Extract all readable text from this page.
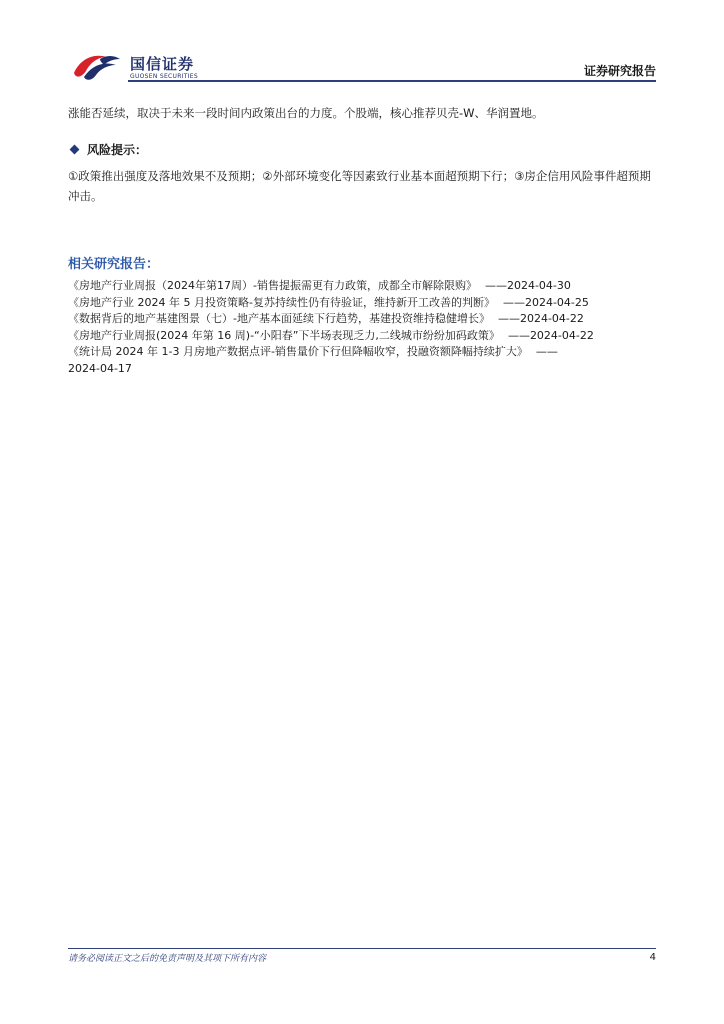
国信证券
GUOSEN SECURITIES	证券研究报告
涨能否延续，取决于未来一段时间内政策出台的力度。个股端，核心推荐贝壳-W、华润置地。
风险提示：
①政策推出强度及落地效果不及预期；②外部环境变化等因素致行业基本面超预期下行；③房企信用风险事件超预期冲击。
相关研究报告：
《房地产行业周报（2024年第17周）-销售提振需更有力政策，成都全市解除限购》 ——2024-04-30
《房地产行业 2024 年 5 月投资策略-复苏持续性仍有待验证，维持新开工改善的判断》 ——2024-04-25
《数据背后的地产基建图景（七）-地产基本面延续下行趋势，基建投资维持稳健增长》 ——2024-04-22
《房地产行业周报(2024 年第 16 周)-“小阳春”下半场表现乏力,二线城市纷纷加码政策》 ——2024-04-22
《统计局 2024 年 1-3 月房地产数据点评-销售量价下行但降幅收窄，投融资额降幅持续扩大》 ——
2024-04-17
请务必阅读正文之后的免责声明及其项下所有内容	4
